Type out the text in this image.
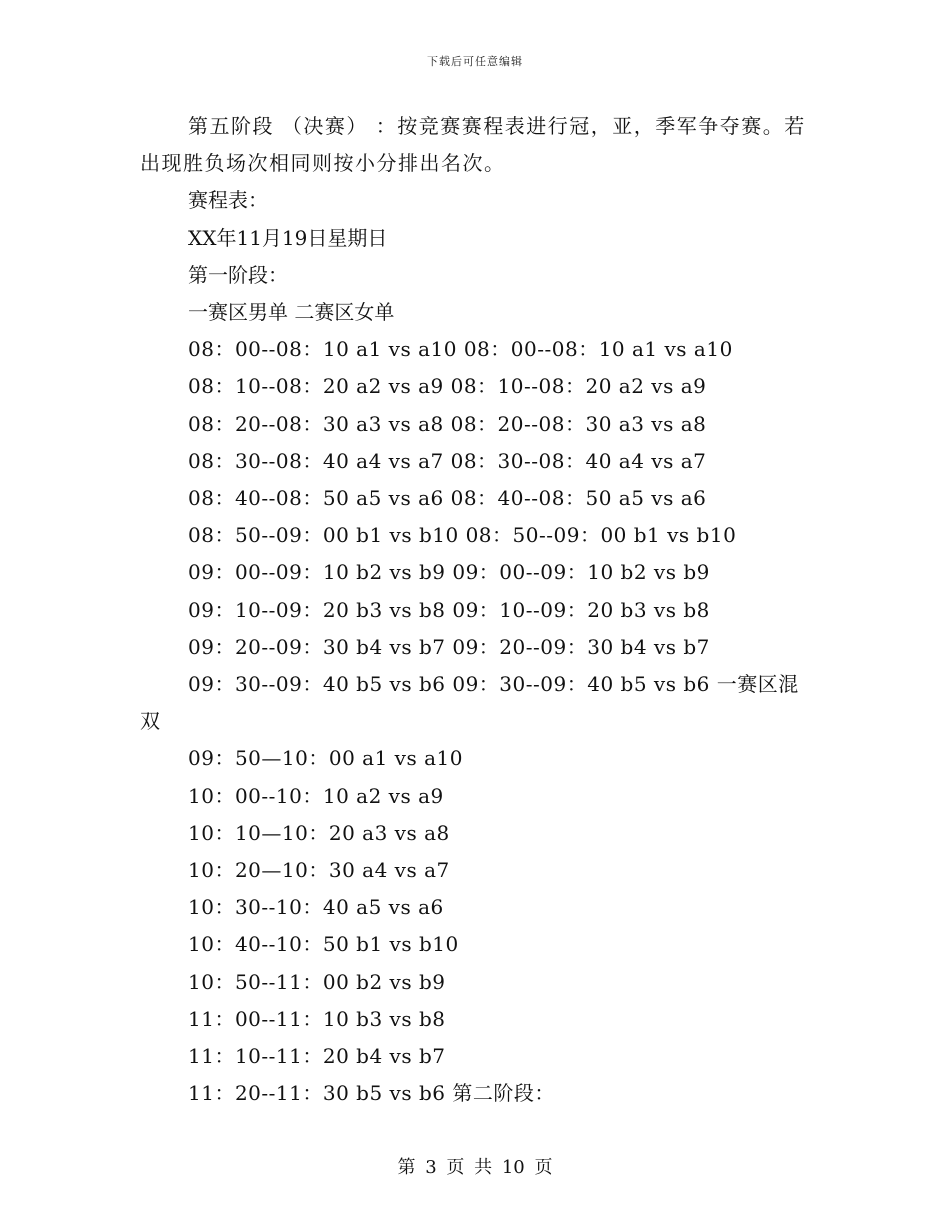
下载后可任意编辑
第五阶段 （决赛） ：按竞赛赛程表进行冠，亚，季军争夺赛。若出现胜负场次相同则按小分排出名次。
赛程表：
XX年11月19日星期日
第一阶段：
一赛区男单 二赛区女单
08：00--08：10 a1 vs a10 08：00--08：10 a1 vs a10
08：10--08：20 a2 vs a9 08：10--08：20 a2 vs a9
08：20--08：30 a3 vs a8 08：20--08：30 a3 vs a8
08：30--08：40 a4 vs a7 08：30--08：40 a4 vs a7
08：40--08：50 a5 vs a6 08：40--08：50 a5 vs a6
08：50--09：00 b1 vs b10 08：50--09：00 b1 vs b10
09：00--09：10 b2 vs b9 09：00--09：10 b2 vs b9
09：10--09：20 b3 vs b8 09：10--09：20 b3 vs b8
09：20--09：30 b4 vs b7 09：20--09：30 b4 vs b7
09：30--09：40 b5 vs b6 09：30--09：40 b5 vs b6 一赛区混
双
09：50—10：00 a1 vs a10
10：00--10：10 a2 vs a9
10：10—10：20 a3 vs a8
10：20—10：30 a4 vs a7
10：30--10：40 a5 vs a6
10：40--10：50 b1 vs b10
10：50--11：00 b2 vs b9
11：00--11：10 b3 vs b8
11：10--11：20 b4 vs b7
11：20--11：30 b5 vs b6 第二阶段：
第 3 页 共 10 页
